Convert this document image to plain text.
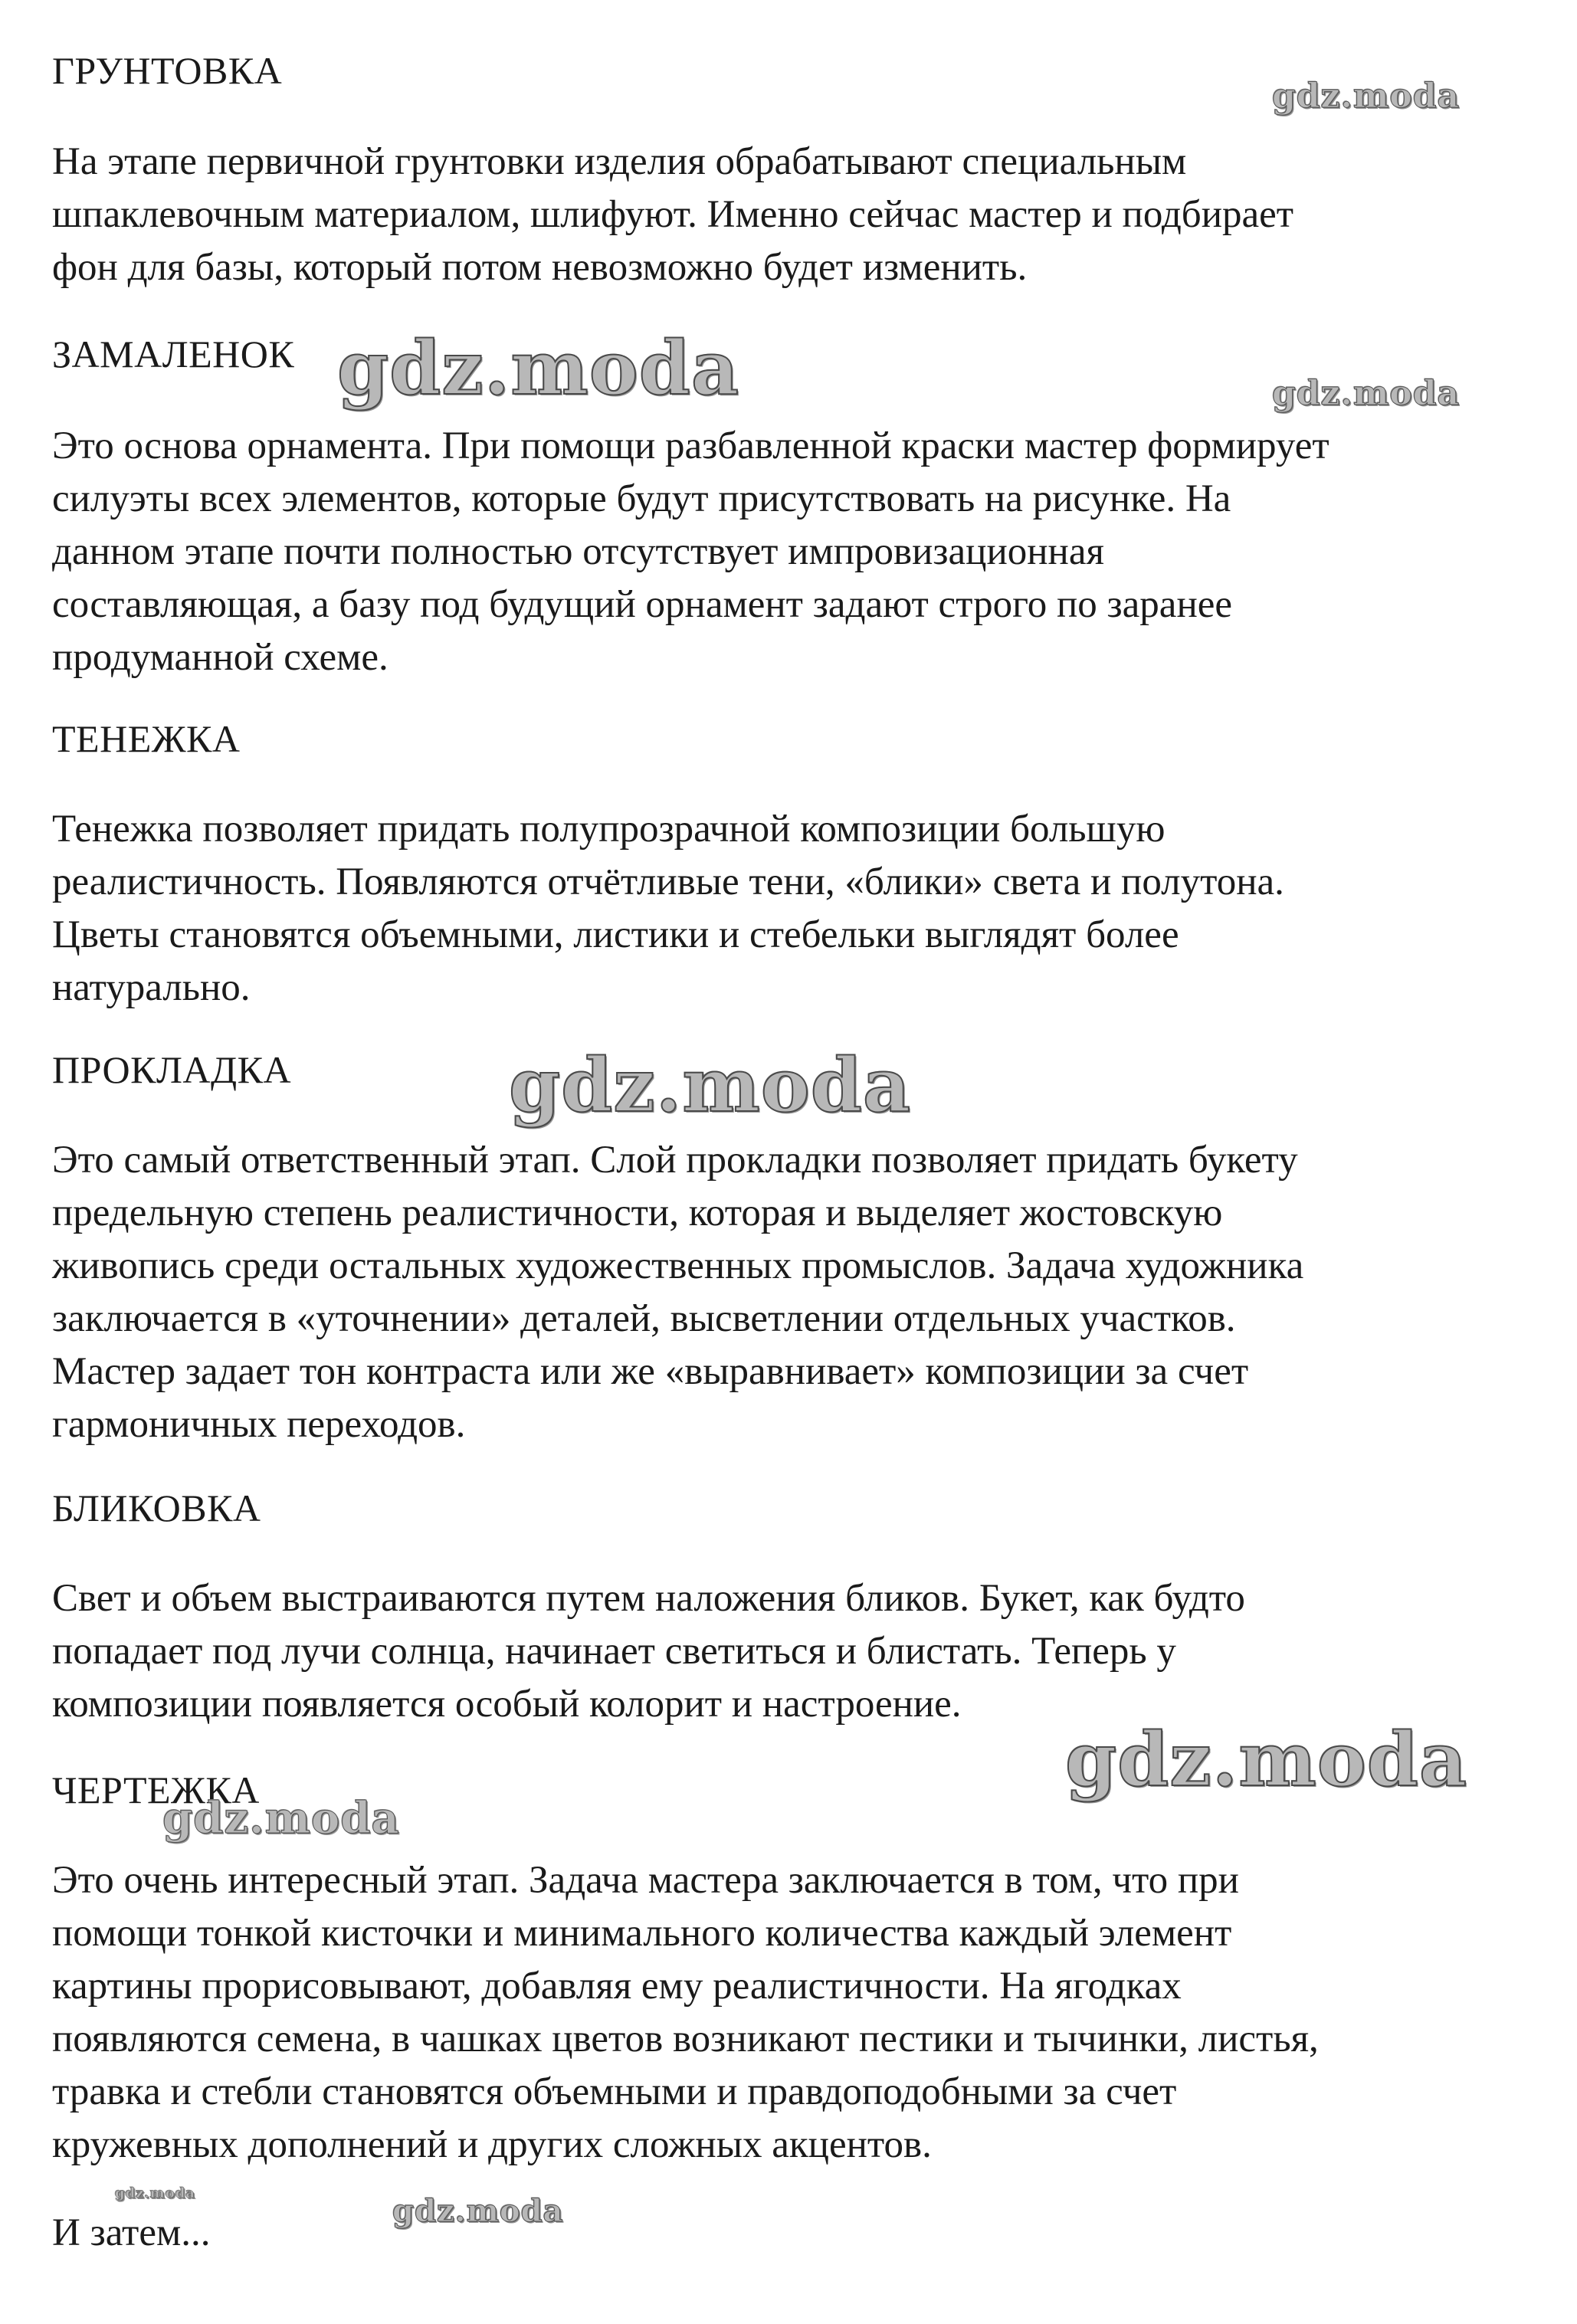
ГРУНТОВКА
На этапе первичной грунтовки изделия обрабатывают специальным
шпаклевочным материалом, шлифуют. Именно сейчас мастер и подбирает
фон для базы, который потом невозможно будет изменить.
ЗАМАЛЕНОК
Это основа орнамента. При помощи разбавленной краски мастер формирует
силуэты всех элементов, которые будут присутствовать на рисунке. На
данном этапе почти полностью отсутствует импровизационная
составляющая, а базу под будущий орнамент задают строго по заранее
продуманной схеме.
ТЕНЕЖКА
Тенежка позволяет придать полупрозрачной композиции большую
реалистичность. Появляются отчётливые тени, «блики» света и полутона.
Цветы становятся объемными, листики и стебельки выглядят более
натурально.
ПРОКЛАДКА
Это самый ответственный этап. Слой прокладки позволяет придать букету
предельную степень реалистичности, которая и выделяет жостовскую
живопись среди остальных художественных промыслов. Задача художника
заключается в «уточнении» деталей, высветлении отдельных участков.
Мастер задает тон контраста или же «выравнивает» композиции за счет
гармоничных переходов.
БЛИКОВКА
Свет и объем выстраиваются путем наложения бликов. Букет, как будто
попадает под лучи солнца, начинает светиться и блистать. Теперь у
композиции появляется особый колорит и настроение.
ЧЕРТЕЖКА
Это очень интересный этап. Задача мастера заключается в том, что при
помощи тонкой кисточки и минимального количества каждый элемент
картины прорисовывают, добавляя ему реалистичности. На ягодках
появляются семена, в чашках цветов возникают пестики и тычинки, листья,
травка и стебли становятся объемными и правдоподобными за счет
кружевных дополнений и других сложных акцентов.
И затем...
gdz.moda
gdz.moda	gdz.moda
gdz.moda
gdz.moda
gdz.moda
gdz.moda	gdz.moda
